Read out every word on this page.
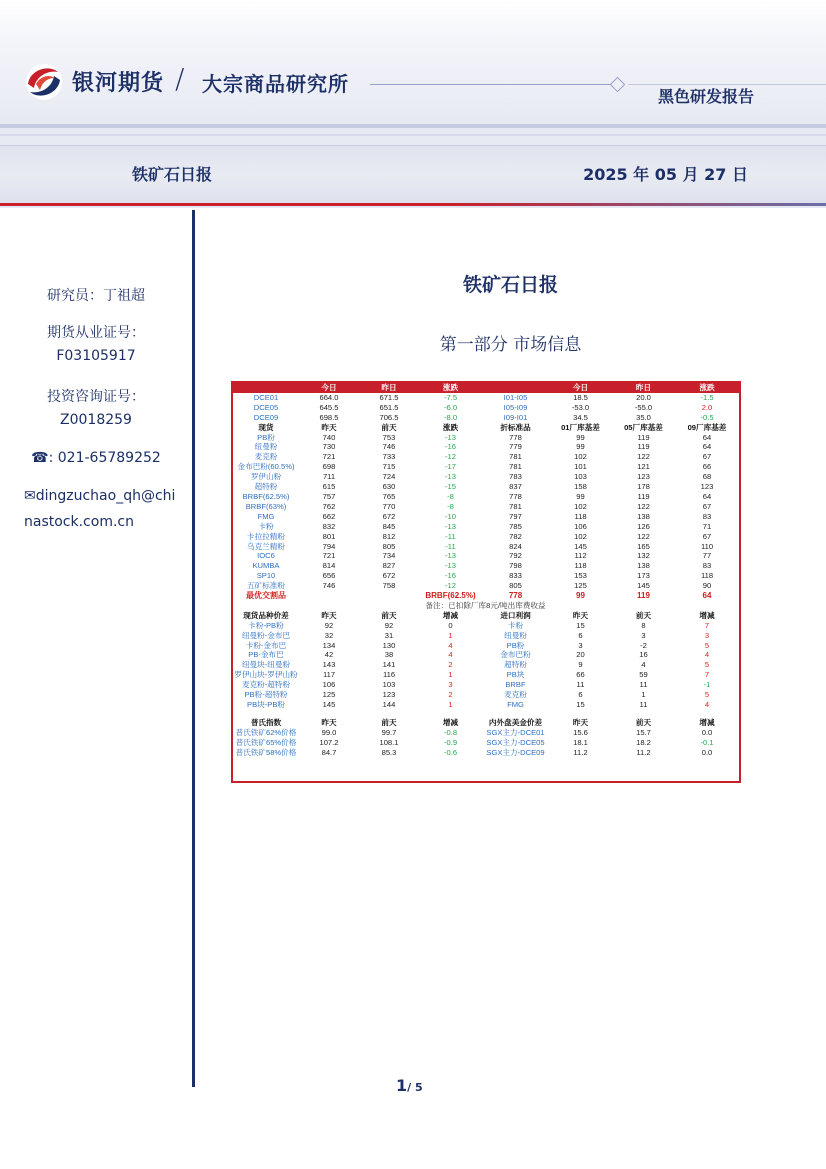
银河期货 / 大宗商品研究所
黑色研发报告
铁矿石日报	2025 年 05 月 27 日
研究员：丁祖超
期货从业证号：
F03105917
投资咨询证号：
Z0018259
☎: 021-65789252
✉dingzuchao_qh@chinastock.com.cn
铁矿石日报
第一部分 市场信息
	今日	昨日	涨跌		今日	昨日	涨跌
DCE01	664.0	671.5	-7.5	I01-I05	18.5	20.0	-1.5
DCE05	645.5	651.5	-6.0	I05-I09	-53.0	-55.0	2.0
DCE09	698.5	706.5	-8.0	I09-I01	34.5	35.0	-0.5
现货	昨天	前天	涨跌	折标准品	01厂库基差	05厂库基差	09厂库基差
PB粉	740	753	-13	778	99	119	64
纽曼粉	730	746	-16	779	99	119	64
麦克粉	721	733	-12	781	102	122	67
金布巴粉(60.5%)	698	715	-17	781	101	121	66
罗伊山粉	711	724	-13	783	103	123	68
超特粉	615	630	-15	837	158	178	123
BRBF(62.5%)	757	765	-8	778	99	119	64
BRBF(63%)	762	770	-8	781	102	122	67
FMG	662	672	-10	797	118	138	83
卡粉	832	845	-13	785	106	126	71
卡拉拉精粉	801	812	-11	782	102	122	67
乌克兰精粉	794	805	-11	824	145	165	110
IOC6	721	734	-13	792	112	132	77
KUMBA	814	827	-13	798	118	138	83
SP10	656	672	-16	833	153	173	118
五矿标准粉	746	758	-12	805	125	145	90
最优交割品			BRBF(62.5%)	778	99	119	64
		备注：已扣除厂库8元/吨出库费收益					
现货品种价差	昨天	前天	增减	进口利润	昨天	前天	增减
卡粉-PB粉	92	92	0	卡粉	15	8	7
纽曼粉-金布巴	32	31	1	纽曼粉	6	3	3
卡粉-金布巴	134	130	4	PB粉	3	-2	5
PB-金布巴	42	38	4	金布巴粉	20	16	4
纽曼块-纽曼粉	143	141	2	超特粉	9	4	5
罗伊山块-罗伊山粉	117	116	1	PB块	66	59	7
麦克粉-超特粉	106	103	3	BRBF	11	11	-1
PB粉-超特粉	125	123	2	麦克粉	6	1	5
PB块-PB粉	145	144	1	FMG	15	11	4

普氏指数	昨天	前天	增减	内外盘美金价差	昨天	前天	增减
普氏铁矿62%价格	99.0	99.7	-0.8	SGX主力-DCE01	15.6	15.7	0.0
普氏铁矿65%价格	107.2	108.1	-0.9	SGX主力-DCE05	18.1	18.2	-0.1
普氏铁矿58%价格	84.7	85.3	-0.6	SGX主力-DCE09	11.2	11.2	0.0
1/ 5
